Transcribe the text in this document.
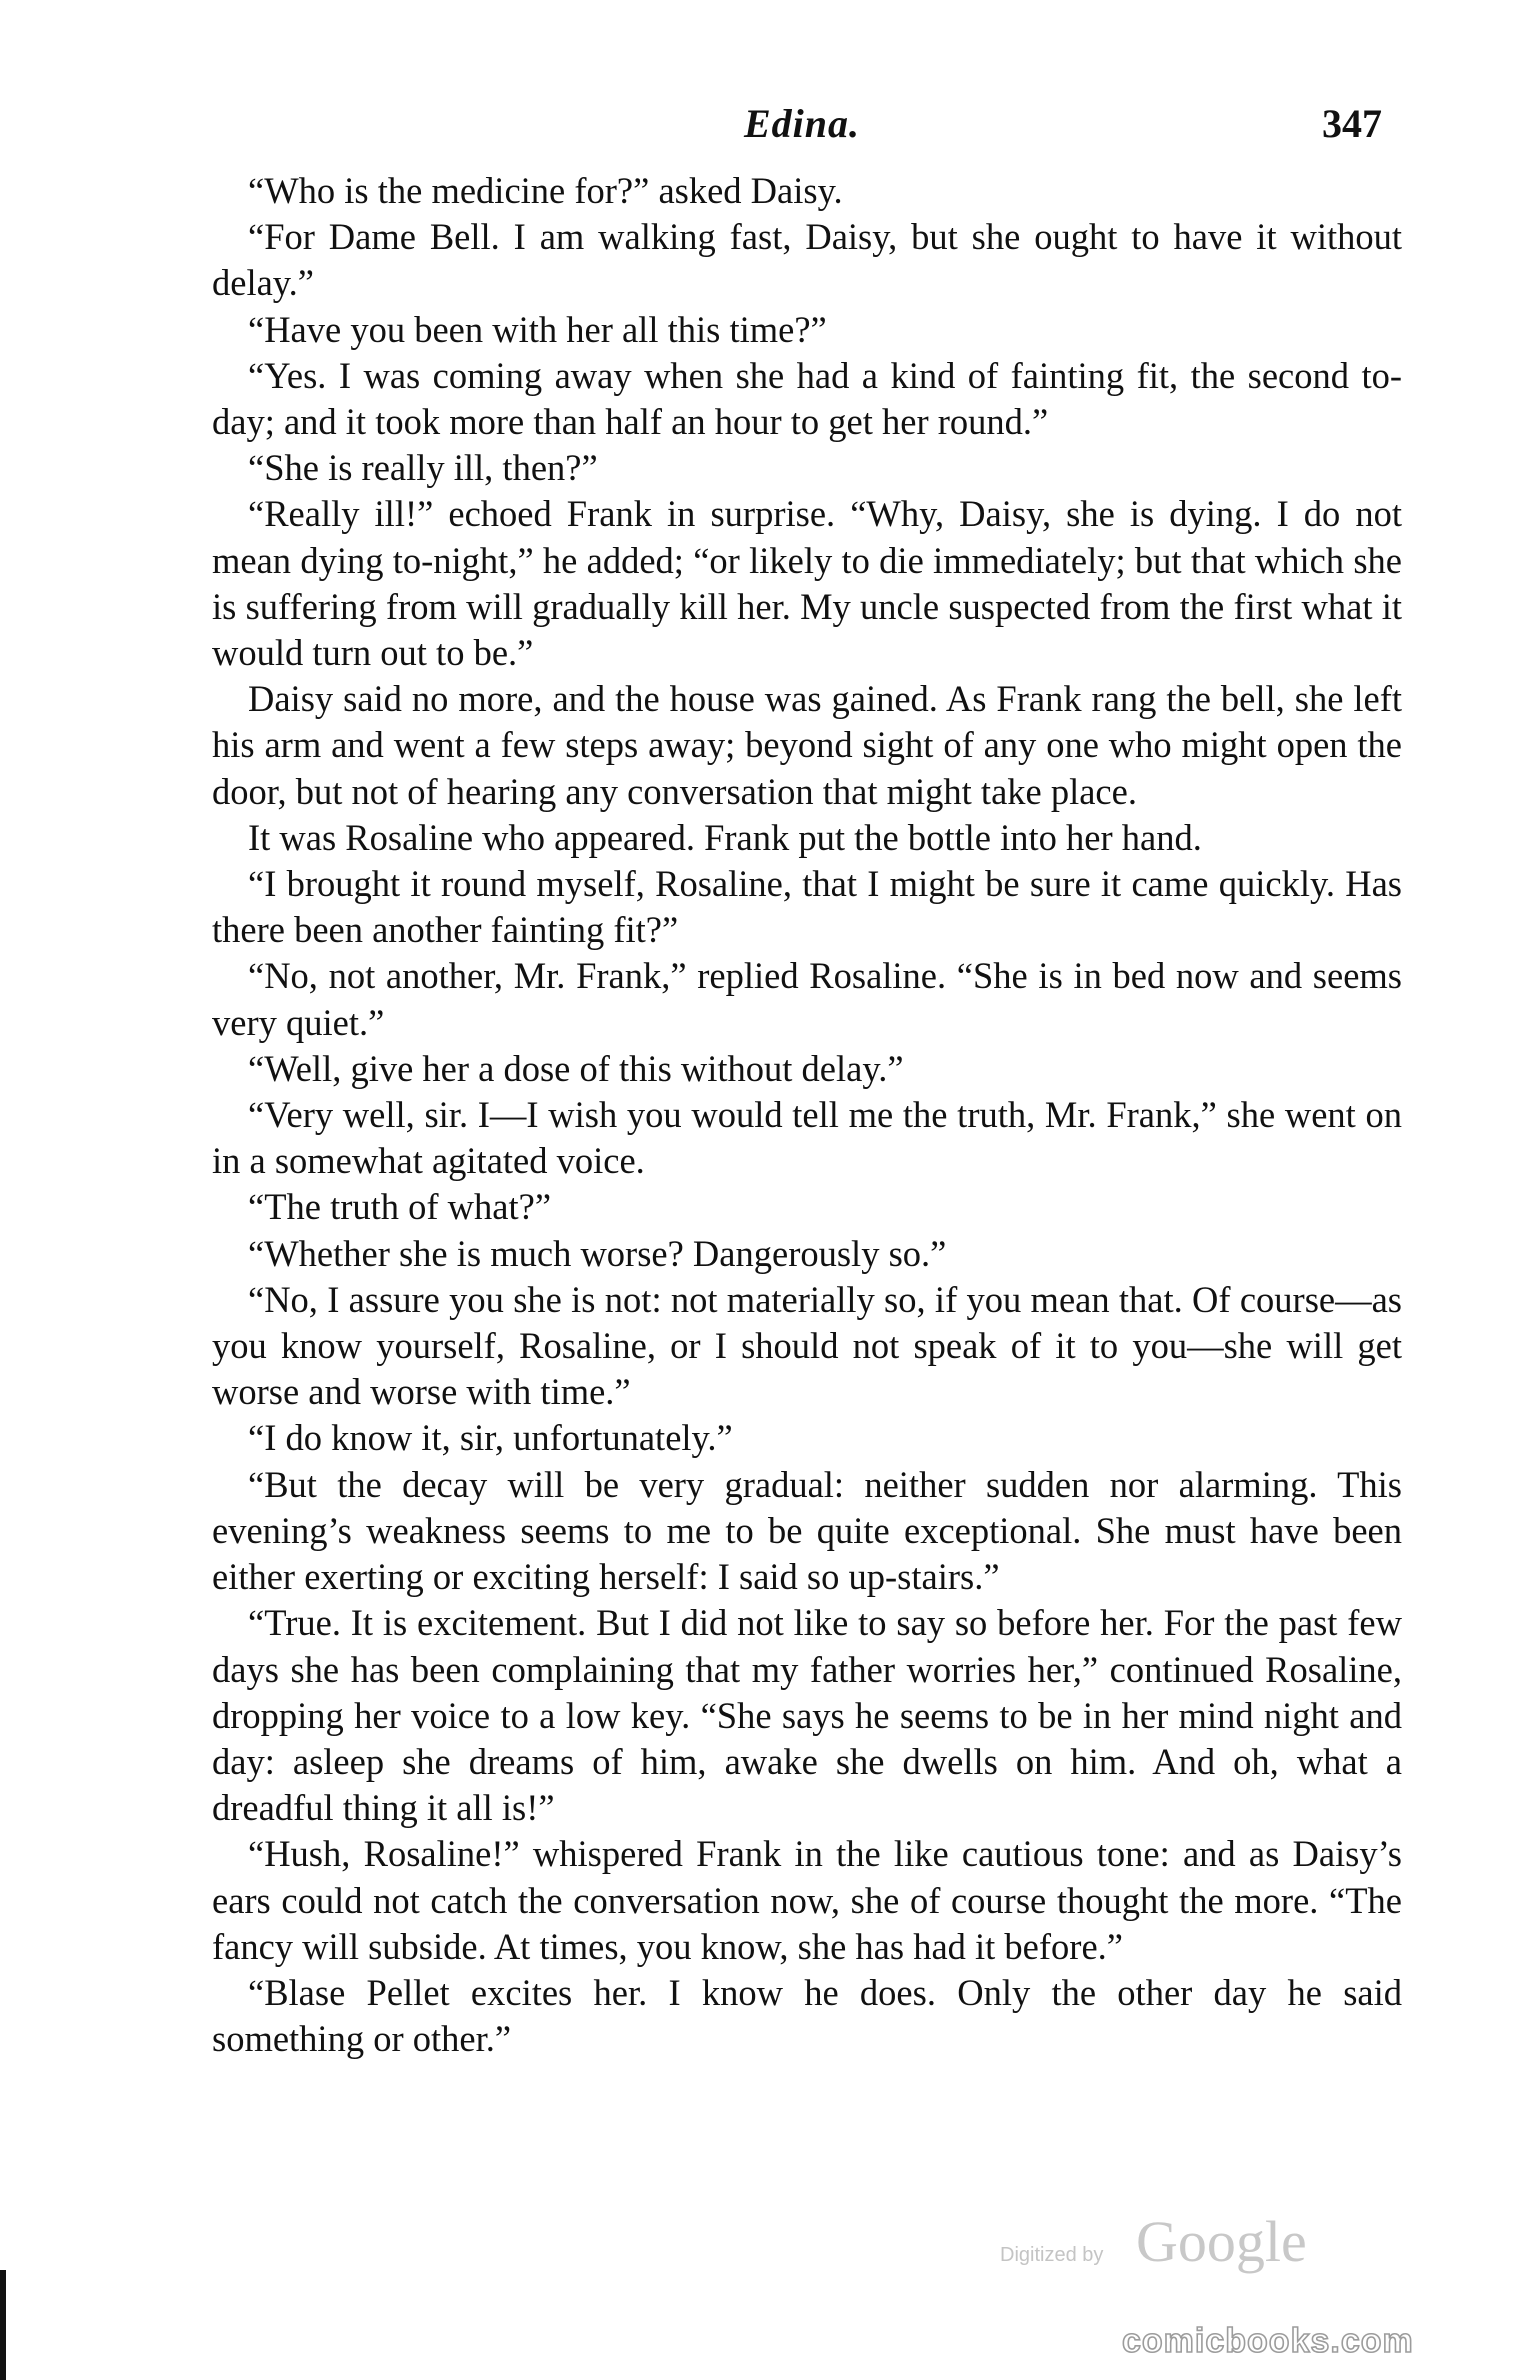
Edina.	347

“Who is the medicine for?” asked Daisy.

“For Dame Bell. I am walking fast, Daisy, but she ought to have it without delay.”

“Have you been with her all this time?”

“Yes. I was coming away when she had a kind of fainting fit, the second to-day; and it took more than half an hour to get her round.”

“She is really ill, then?”

“Really ill!” echoed Frank in surprise. “Why, Daisy, she is dying. I do not mean dying to-night,” he added; “or likely to die immediately; but that which she is suffering from will gradually kill her. My uncle suspected from the first what it would turn out to be.”

Daisy said no more, and the house was gained. As Frank rang the bell, she left his arm and went a few steps away; beyond sight of any one who might open the door, but not of hearing any conversation that might take place.

It was Rosaline who appeared. Frank put the bottle into her hand.

“I brought it round myself, Rosaline, that I might be sure it came quickly. Has there been another fainting fit?”

“No, not another, Mr. Frank,” replied Rosaline. “She is in bed now and seems very quiet.”

“Well, give her a dose of this without delay.”

“Very well, sir. I—I wish you would tell me the truth, Mr. Frank,” she went on in a somewhat agitated voice.

“The truth of what?”

“Whether she is much worse? Dangerously so.”

“No, I assure you she is not: not materially so, if you mean that. Of course—as you know yourself, Rosaline, or I should not speak of it to you—she will get worse and worse with time.”

“I do know it, sir, unfortunately.”

“But the decay will be very gradual: neither sudden nor alarming. This evening’s weakness seems to me to be quite exceptional. She must have been either exerting or exciting herself: I said so up-stairs.”

“True. It is excitement. But I did not like to say so before her. For the past few days she has been complaining that my father worries her,” continued Rosaline, dropping her voice to a low key. “She says he seems to be in her mind night and day: asleep she dreams of him, awake she dwells on him. And oh, what a dreadful thing it all is!”

“Hush, Rosaline!” whispered Frank in the like cautious tone: and as Daisy’s ears could not catch the conversation now, she of course thought the more. “The fancy will subside. At times, you know, she has had it before.”

“Blase Pellet excites her. I know he does. Only the other day he said something or other.”

Digitized by Google
comicbooks.com
